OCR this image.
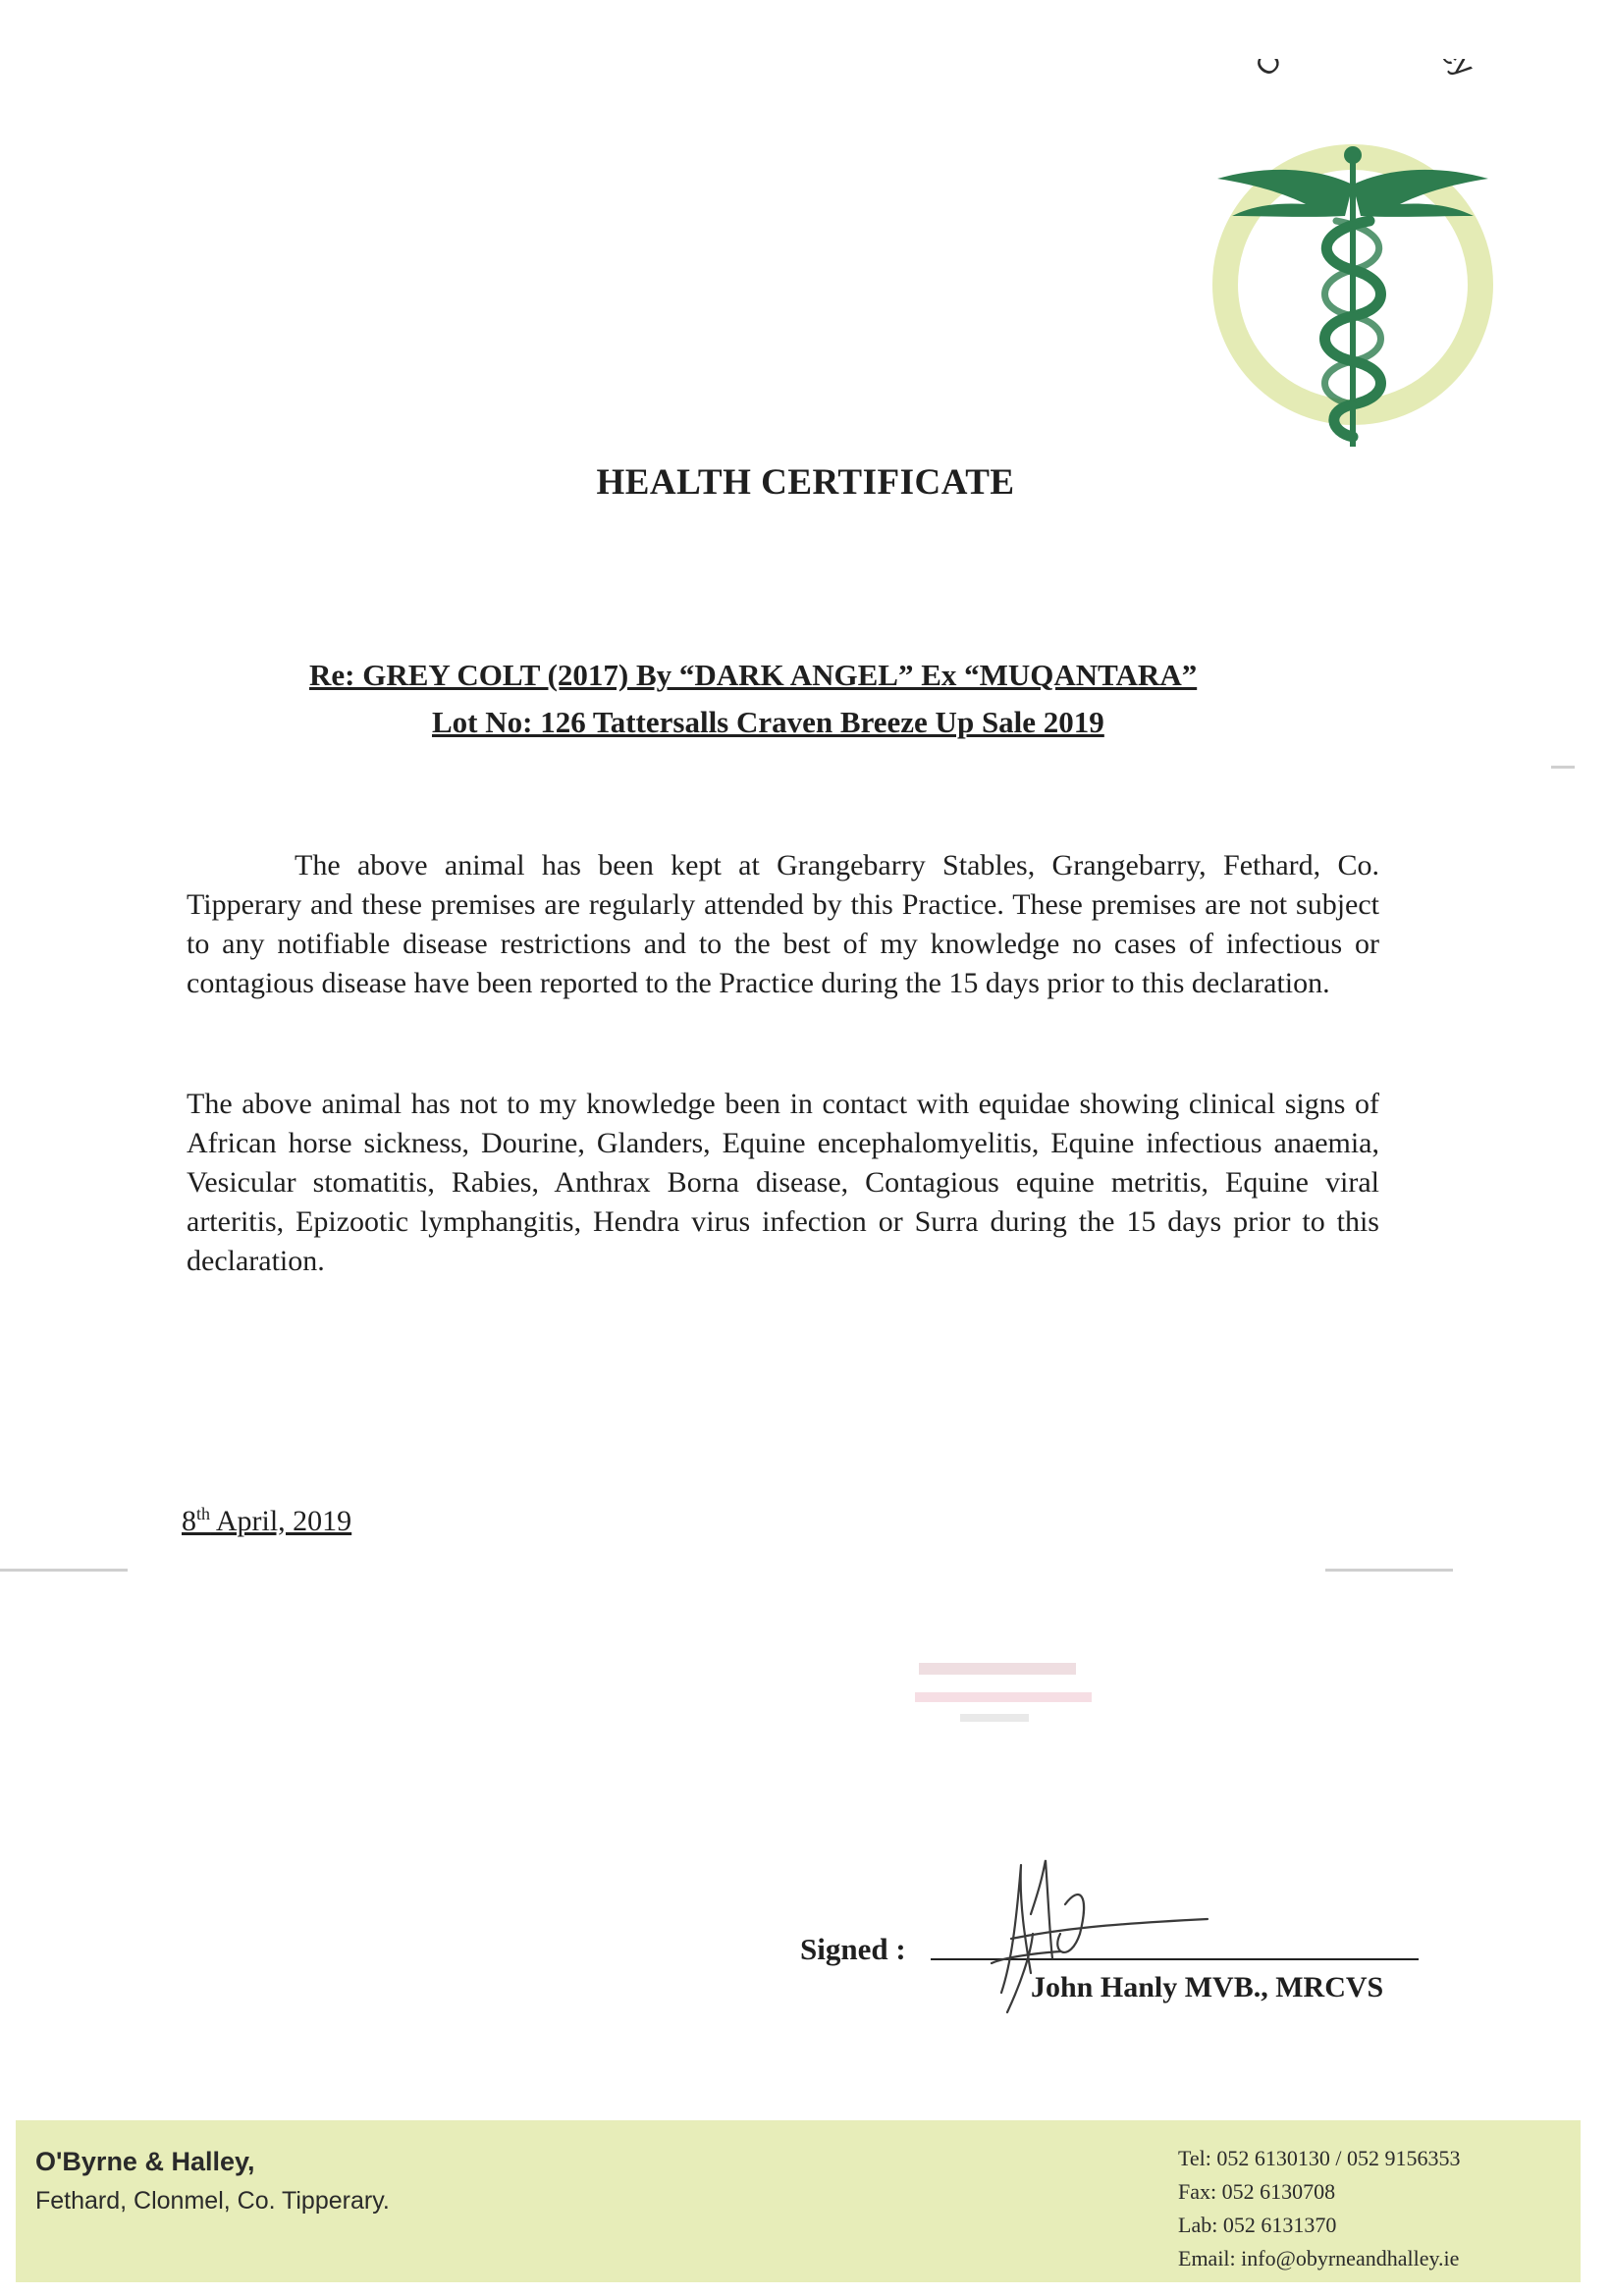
O y
HEALTH CERTIFICATE
Re: GREY COLT (2017) By “DARK ANGEL” Ex “MUQANTARA”
Lot No: 126 Tattersalls Craven Breeze Up Sale 2019
The above animal has been kept at Grangebarry Stables, Grangebarry, Fethard, Co. Tipperary and these premises are regularly attended by this Practice. These premises are not subject to any notifiable disease restrictions and to the best of my knowledge no cases of infectious or contagious disease have been reported to the Practice during the 15 days prior to this declaration.
The above animal has not to my knowledge been in contact with equidae showing clinical signs of African horse sickness, Dourine, Glanders, Equine encephalomyelitis, Equine infectious anaemia, Vesicular stomatitis, Rabies, Anthrax Borna disease, Contagious equine metritis, Equine viral arteritis, Epizootic lymphangitis, Hendra virus infection or Surra during the 15 days prior to this declaration.
8th April, 2019
Signed :
John Hanly MVB., MRCVS
O'Byrne & Halley,
Fethard, Clonmel, Co. Tipperary.
Tel: 052 6130130 / 052 9156353
Fax: 052 6130708
Lab: 052 6131370
Email: info@obyrneandhalley.ie
